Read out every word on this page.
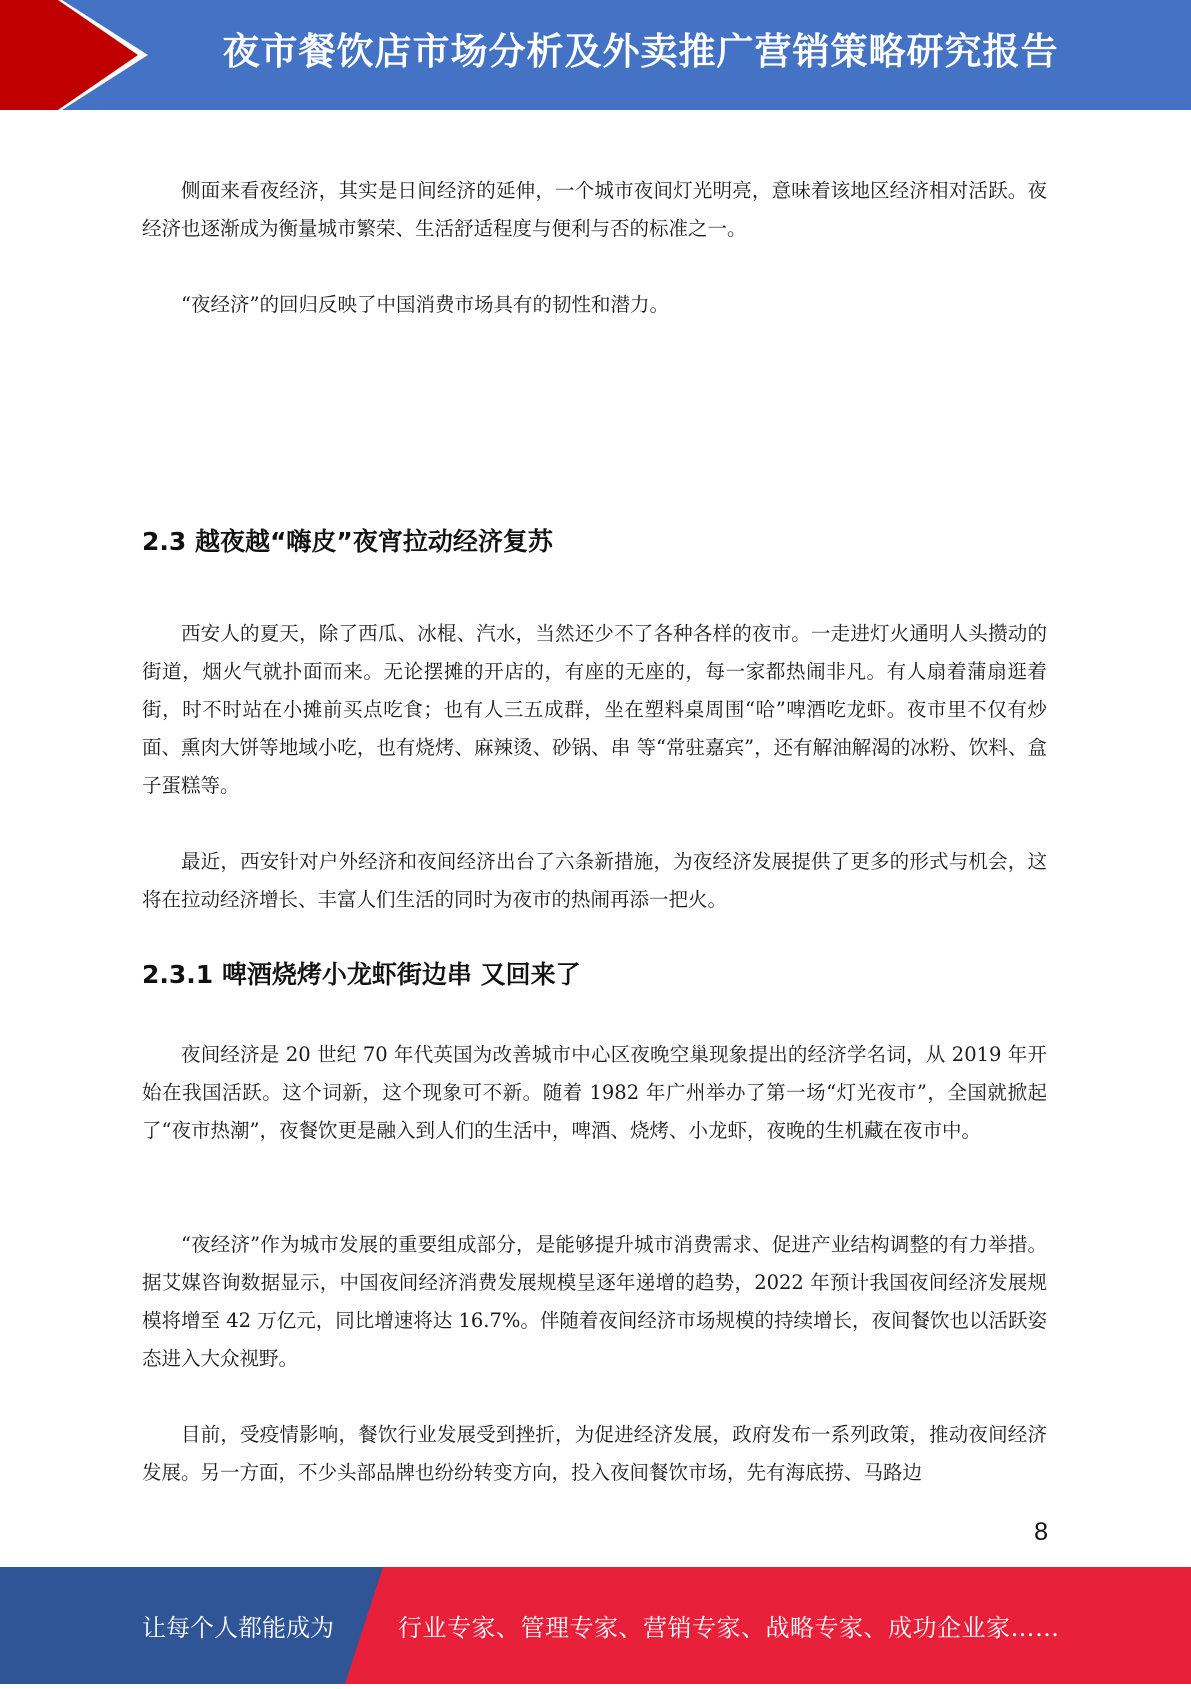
夜市餐饮店市场分析及外卖推广营销策略研究报告

侧面来看夜经济，其实是日间经济的延伸，一个城市夜间灯光明亮，意味着该地区经济相对活跃。夜经济也逐渐成为衡量城市繁荣、生活舒适程度与便利与否的标准之一。

“夜经济”的回归反映了中国消费市场具有的韧性和潜力。

2.3 越夜越“嗨皮”夜宵拉动经济复苏

西安人的夏天，除了西瓜、冰棍、汽水，当然还少不了各种各样的夜市。一走进灯火通明人头攒动的街道，烟火气就扑面而来。无论摆摊的开店的，有座的无座的，每一家都热闹非凡。有人扇着蒲扇逛着街，时不时站在小摊前买点吃食；也有人三五成群，坐在塑料桌周围“哈”啤酒吃龙虾。夜市里不仅有炒面、熏肉大饼等地域小吃，也有烧烤、麻辣烫、砂锅、串 等“常驻嘉宾”，还有解油解渴的冰粉、饮料、盒子蛋糕等。

最近，西安针对户外经济和夜间经济出台了六条新措施，为夜经济发展提供了更多的形式与机会，这将在拉动经济增长、丰富人们生活的同时为夜市的热闹再添一把火。

2.3.1 啤酒烧烤小龙虾街边串 又回来了

夜间经济是 20 世纪 70 年代英国为改善城市中心区夜晚空巢现象提出的经济学名词，从 2019 年开始在我国活跃。这个词新，这个现象可不新。随着 1982 年广州举办了第一场“灯光夜市”，全国就掀起了“夜市热潮”，夜餐饮更是融入到人们的生活中，啤酒、烧烤、小龙虾，夜晚的生机藏在夜市中。

“夜经济”作为城市发展的重要组成部分，是能够提升城市消费需求、促进产业结构调整的有力举措。据艾媒咨询数据显示，中国夜间经济消费发展规模呈逐年递增的趋势，2022 年预计我国夜间经济发展规模将增至 42 万亿元，同比增速将达 16.7%。伴随着夜间经济市场规模的持续增长，夜间餐饮也以活跃姿态进入大众视野。

目前，受疫情影响，餐饮行业发展受到挫折，为促进经济发展，政府发布一系列政策，推动夜间经济发展。另一方面，不少头部品牌也纷纷转变方向，投入夜间餐饮市场，先有海底捞、马路边

8
让每个人都能成为	行业专家、管理专家、营销专家、战略专家、成功企业家……
